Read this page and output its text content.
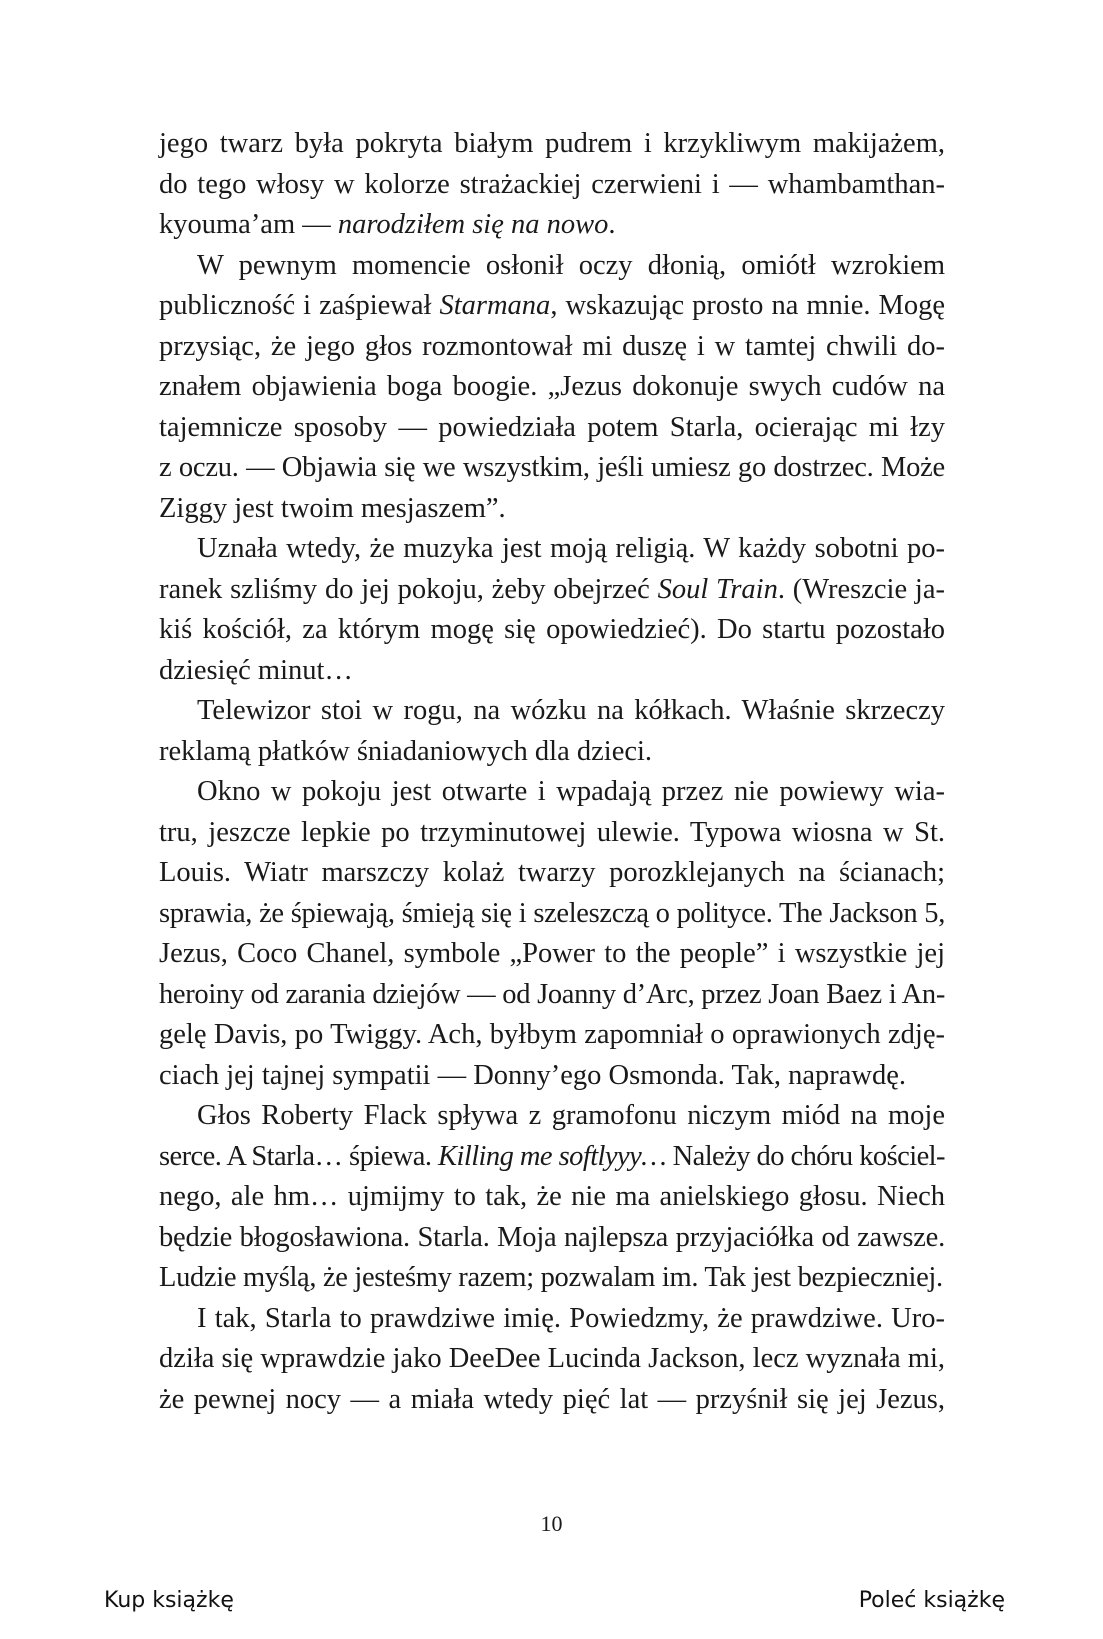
jego twarz była pokryta białym pudrem i krzykliwym makijażem,
do tego włosy w kolorze strażackiej czerwieni i — whambamthan-
kyouma’am — narodziłem się na nowo.
W pewnym momencie osłonił oczy dłonią, omiótł wzrokiem
publiczność i zaśpiewał Starmana, wskazując prosto na mnie. Mogę
przysiąc, że jego głos rozmontował mi duszę i w tamtej chwili do-
znałem objawienia boga boogie. „Jezus dokonuje swych cudów na
tajemnicze sposoby — powiedziała potem Starla, ocierając mi łzy
z oczu. — Objawia się we wszystkim, jeśli umiesz go dostrzec. Może
Ziggy jest twoim mesjaszem”.
Uznała wtedy, że muzyka jest moją religią. W każdy sobotni po-
ranek szliśmy do jej pokoju, żeby obejrzeć Soul Train. (Wreszcie ja-
kiś kościół, za którym mogę się opowiedzieć). Do startu pozostało
dziesięć minut…
Telewizor stoi w rogu, na wózku na kółkach. Właśnie skrzeczy
reklamą płatków śniadaniowych dla dzieci.
Okno w pokoju jest otwarte i wpadają przez nie powiewy wia-
tru, jeszcze lepkie po trzyminutowej ulewie. Typowa wiosna w St.
Louis. Wiatr marszczy kolaż twarzy porozklejanych na ścianach;
sprawia, że śpiewają, śmieją się i szeleszczą o polityce. The Jackson 5,
Jezus, Coco Chanel, symbole „Power to the people” i wszystkie jej
heroiny od zarania dziejów — od Joanny d’Arc, przez Joan Baez i An-
gelę Davis, po Twiggy. Ach, byłbym zapomniał o oprawionych zdję-
ciach jej tajnej sympatii — Donny’ego Osmonda. Tak, naprawdę.
Głos Roberty Flack spływa z gramofonu niczym miód na moje
serce. A Starla… śpiewa. Killing me softlyyy… Należy do chóru kościel-
nego, ale hm… ujmijmy to tak, że nie ma anielskiego głosu. Niech
będzie błogosławiona. Starla. Moja najlepsza przyjaciółka od zawsze.
Ludzie myślą, że jesteśmy razem; pozwalam im. Tak jest bezpieczniej.
I tak, Starla to prawdziwe imię. Powiedzmy, że prawdziwe. Uro-
dziła się wprawdzie jako DeeDee Lucinda Jackson, lecz wyznała mi,
że pewnej nocy — a miała wtedy pięć lat — przyśnił się jej Jezus,
10
Kup książkę	Poleć książkę
